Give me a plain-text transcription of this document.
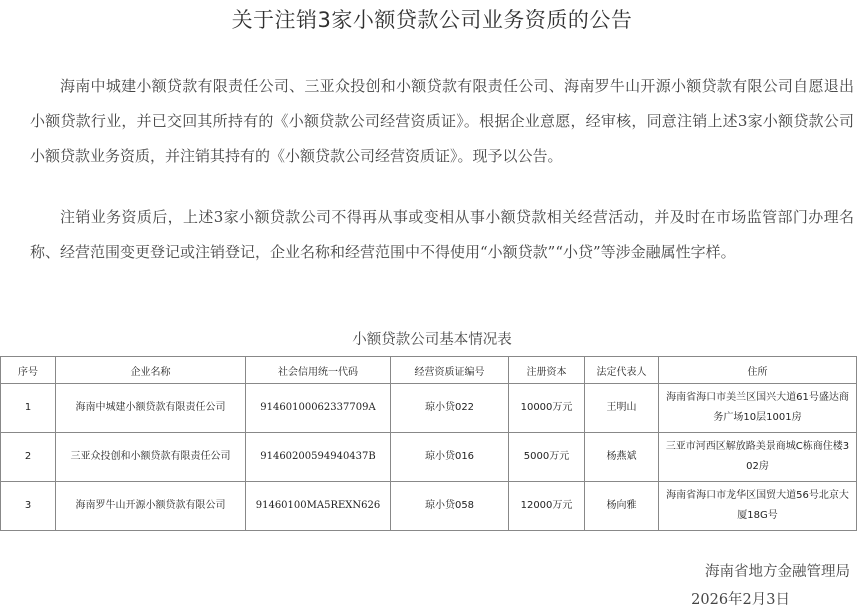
关于注销3家小额贷款公司业务资质的公告

海南中城建小额贷款有限责任公司、三亚众投创和小额贷款有限责任公司、海南罗牛山开源小额贷款有限公司自愿退出小额贷款行业，并已交回其所持有的《小额贷款公司经营资质证》。根据企业意愿，经审核，同意注销上述3家小额贷款公司小额贷款业务资质，并注销其持有的《小额贷款公司经营资质证》。现予以公告。

注销业务资质后，上述3家小额贷款公司不得再从事或变相从事小额贷款相关经营活动，并及时在市场监管部门办理名称、经营范围变更登记或注销登记，企业名称和经营范围中不得使用“小额贷款”“小贷”等涉金融属性字样。

小额贷款公司基本情况表
序号	企业名称	社会信用统一代码	经营资质证编号	注册资本	法定代表人	住所
1	海南中城建小额贷款有限责任公司	91460100062337709A	琼小贷022	10000万元	王明山	海南省海口市美兰区国兴大道61号盛达商务广场10层1001房
2	三亚众投创和小额贷款有限责任公司	91460200594940437B	琼小贷016	5000万元	杨燕斌	三亚市河西区解放路美景商城C栋商住楼302房
3	海南罗牛山开源小额贷款有限公司	91460100MA5REXN626	琼小贷058	12000万元	杨向雅	海南省海口市龙华区国贸大道56号北京大厦18G号
海南省地方金融管理局

2026年2月3日
